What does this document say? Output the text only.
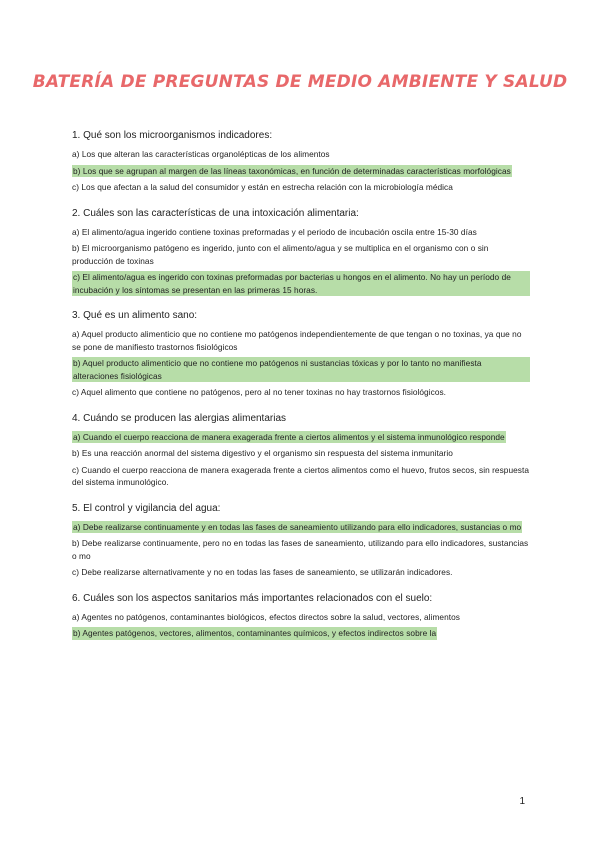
BATERÍA DE PREGUNTAS DE MEDIO AMBIENTE Y SALUD

1. Qué son los microorganismos indicadores:

a) Los que alteran las características organolépticas de los alimentos

b) Los que se agrupan al margen de las líneas taxonómicas, en función de determinadas características morfológicas

c) Los que afectan a la salud del consumidor y están en estrecha relación con la microbiología médica

2. Cuáles son las características de una intoxicación alimentaria:

a) El alimento/agua ingerido contiene toxinas preformadas y el periodo de incubación oscila entre 15-30 días

b) El microorganismo patógeno es ingerido, junto con el alimento/agua y se multiplica en el organismo con o sin producción de toxinas

c) El alimento/agua es ingerido con toxinas preformadas por bacterias u hongos en el alimento. No hay un período de incubación y los síntomas se presentan en las primeras 15 horas.

3. Qué es un alimento sano:

a) Aquel producto alimenticio que no contiene mo patógenos independientemente de que tengan o no toxinas, ya que no se pone de manifiesto trastornos fisiológicos

b) Aquel producto alimenticio que no contiene mo patógenos ni sustancias tóxicas y por lo tanto no manifiesta alteraciones fisiológicas

c) Aquel alimento que contiene no patógenos, pero al no tener toxinas no hay trastornos fisiológicos.

4. Cuándo se producen las alergias alimentarias

a) Cuando el cuerpo reacciona de manera exagerada frente a ciertos alimentos y el sistema inmunológico responde

b) Es una reacción anormal del sistema digestivo y el organismo sin respuesta del sistema inmunitario

c) Cuando el cuerpo reacciona de manera exagerada frente a ciertos alimentos como el huevo, frutos secos, sin respuesta del sistema inmunológico.

5. El control y vigilancia del agua:

a) Debe realizarse continuamente y en todas las fases de saneamiento utilizando para ello indicadores, sustancias o mo

b) Debe realizarse continuamente, pero no en todas las fases de saneamiento, utilizando para ello indicadores, sustancias o mo

c) Debe realizarse alternativamente y no en todas las fases de saneamiento, se utilizarán indicadores.

6. Cuáles son los aspectos sanitarios más importantes relacionados con el suelo:

a) Agentes no patógenos, contaminantes biológicos, efectos directos sobre la salud, vectores, alimentos

b) Agentes patógenos, vectores, alimentos, contaminantes químicos, y efectos indirectos sobre la

1
